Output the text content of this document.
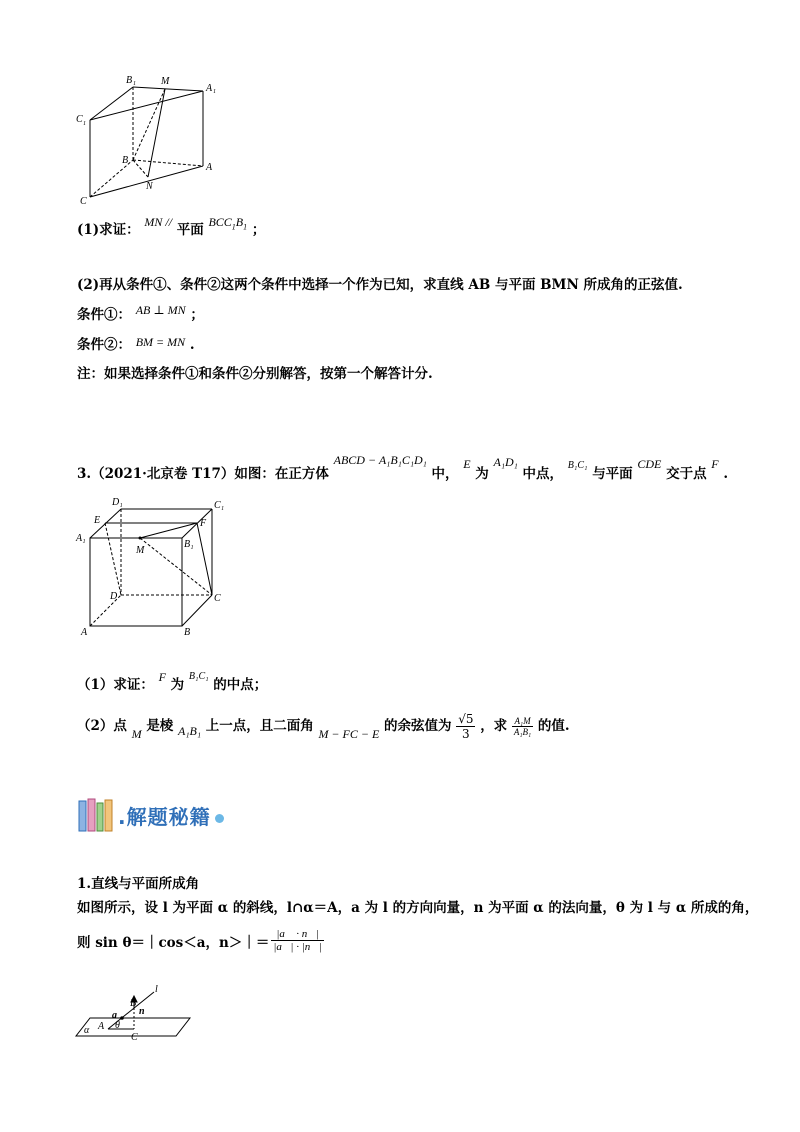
B 1	M
A 1
C 1
B
A
N
C
(1)求证： MN // 平面 $BCC_1B_1$ ；
(2)再从条件①、条件②这两个条件中选择一个作为已知，求直线 AB 与平面 BMN 所成角的正弦值.
条件①： AB ⊥ MN ；
条件②： BM = MN .
注：如果选择条件①和条件②分别解答，按第一个解答计分.
3.（2021·北京卷 T17）如图：在正方体 ABCD − A₁B₁C₁D₁ 中， E 为 A₁D₁ 中点， $^{B_1C_1}$ 与平面 CDE 交于点 F .
D₁	C₁
E	F
A₁
B₁
M
D	C
A	B
（1）求证： F 为 $^{B_1C_1}$ 的中点；
（2）点 M 是棱 A₁B₁ 上一点，且二面角 M − FC − E 的余弦值为 $\frac{√5}{3}$ ，求 $\frac{\text{A₁M}}{\text{A₁B₁}}$ 的值.
.解题秘籍
1.直线与平面所成角
如图所示，设 l 为平面 α 的斜线，l∩α＝A，a 为 l 的方向向量，n 为平面 α 的法向量，θ 为 l 与 α 所成的角，
则 sin θ＝｜cos＜a，n＞｜＝ $\frac{|a⃗ \cdot n⃗|}{|a⃗| \cdot |n⃗|}$
l
B
a n
A θ
α
C
